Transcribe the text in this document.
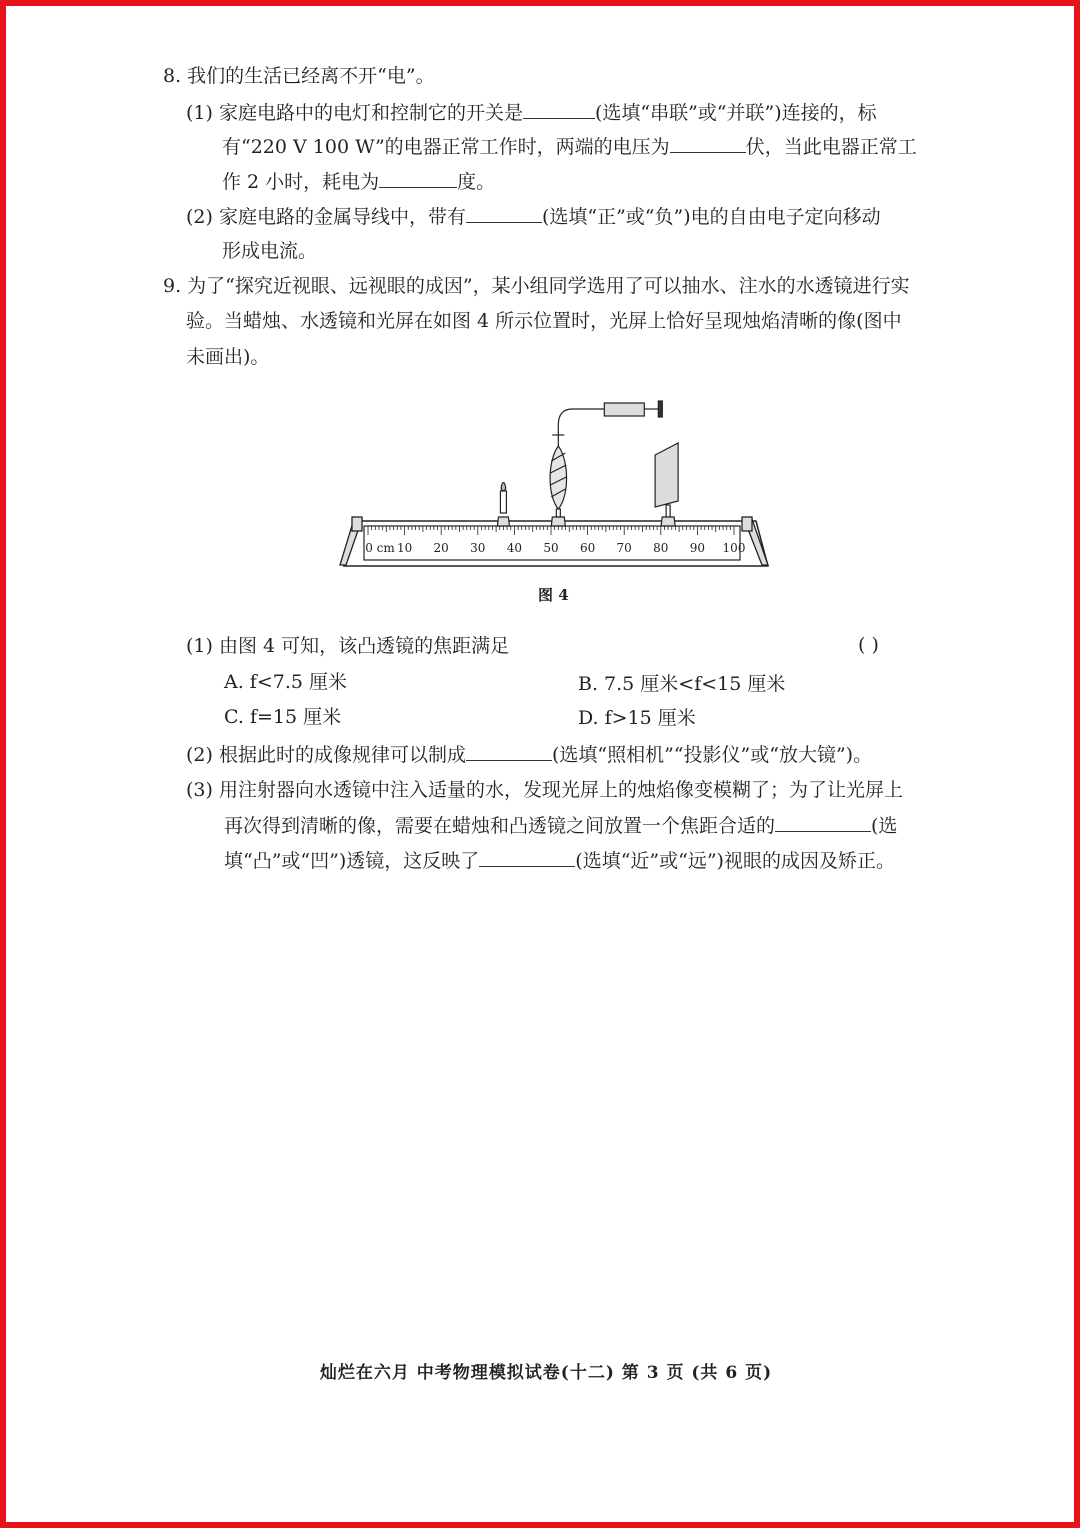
8. 我们的生活已经离不开“电”。
(1) 家庭电路中的电灯和控制它的开关是	(选填“串联”或“并联”)连接的，标
有“220 V 100 W”的电器正常工作时，两端的电压为	伏，当此电器正常工
作 2 小时，耗电为	度。
(2) 家庭电路的金属导线中，带有	(选填“正”或“负”)电的自由电子定向移动
形成电流。
9. 为了“探究近视眼、远视眼的成因”，某小组同学选用了可以抽水、注水的水透镜进行实
验。当蜡烛、水透镜和光屏在如图 4 所示位置时，光屏上恰好呈现烛焰清晰的像(图中
未画出)。
0 cm 10 20 30 40 50 60 70 80 90 100
图 4
(1) 由图 4 可知，该凸透镜的焦距满足	( )
A. f<7.5 厘米	B. 7.5 厘米<f<15 厘米
C. f=15 厘米	D. f>15 厘米
(2) 根据此时的成像规律可以制成	(选填“照相机”“投影仪”或“放大镜”)。
(3) 用注射器向水透镜中注入适量的水，发现光屏上的烛焰像变模糊了；为了让光屏上
再次得到清晰的像，需要在蜡烛和凸透镜之间放置一个焦距合适的	(选
填“凸”或“凹”)透镜，这反映了	(选填“近”或“远”)视眼的成因及矫正。
灿烂在六月 中考物理模拟试卷(十二) 第 3 页 (共 6 页)
